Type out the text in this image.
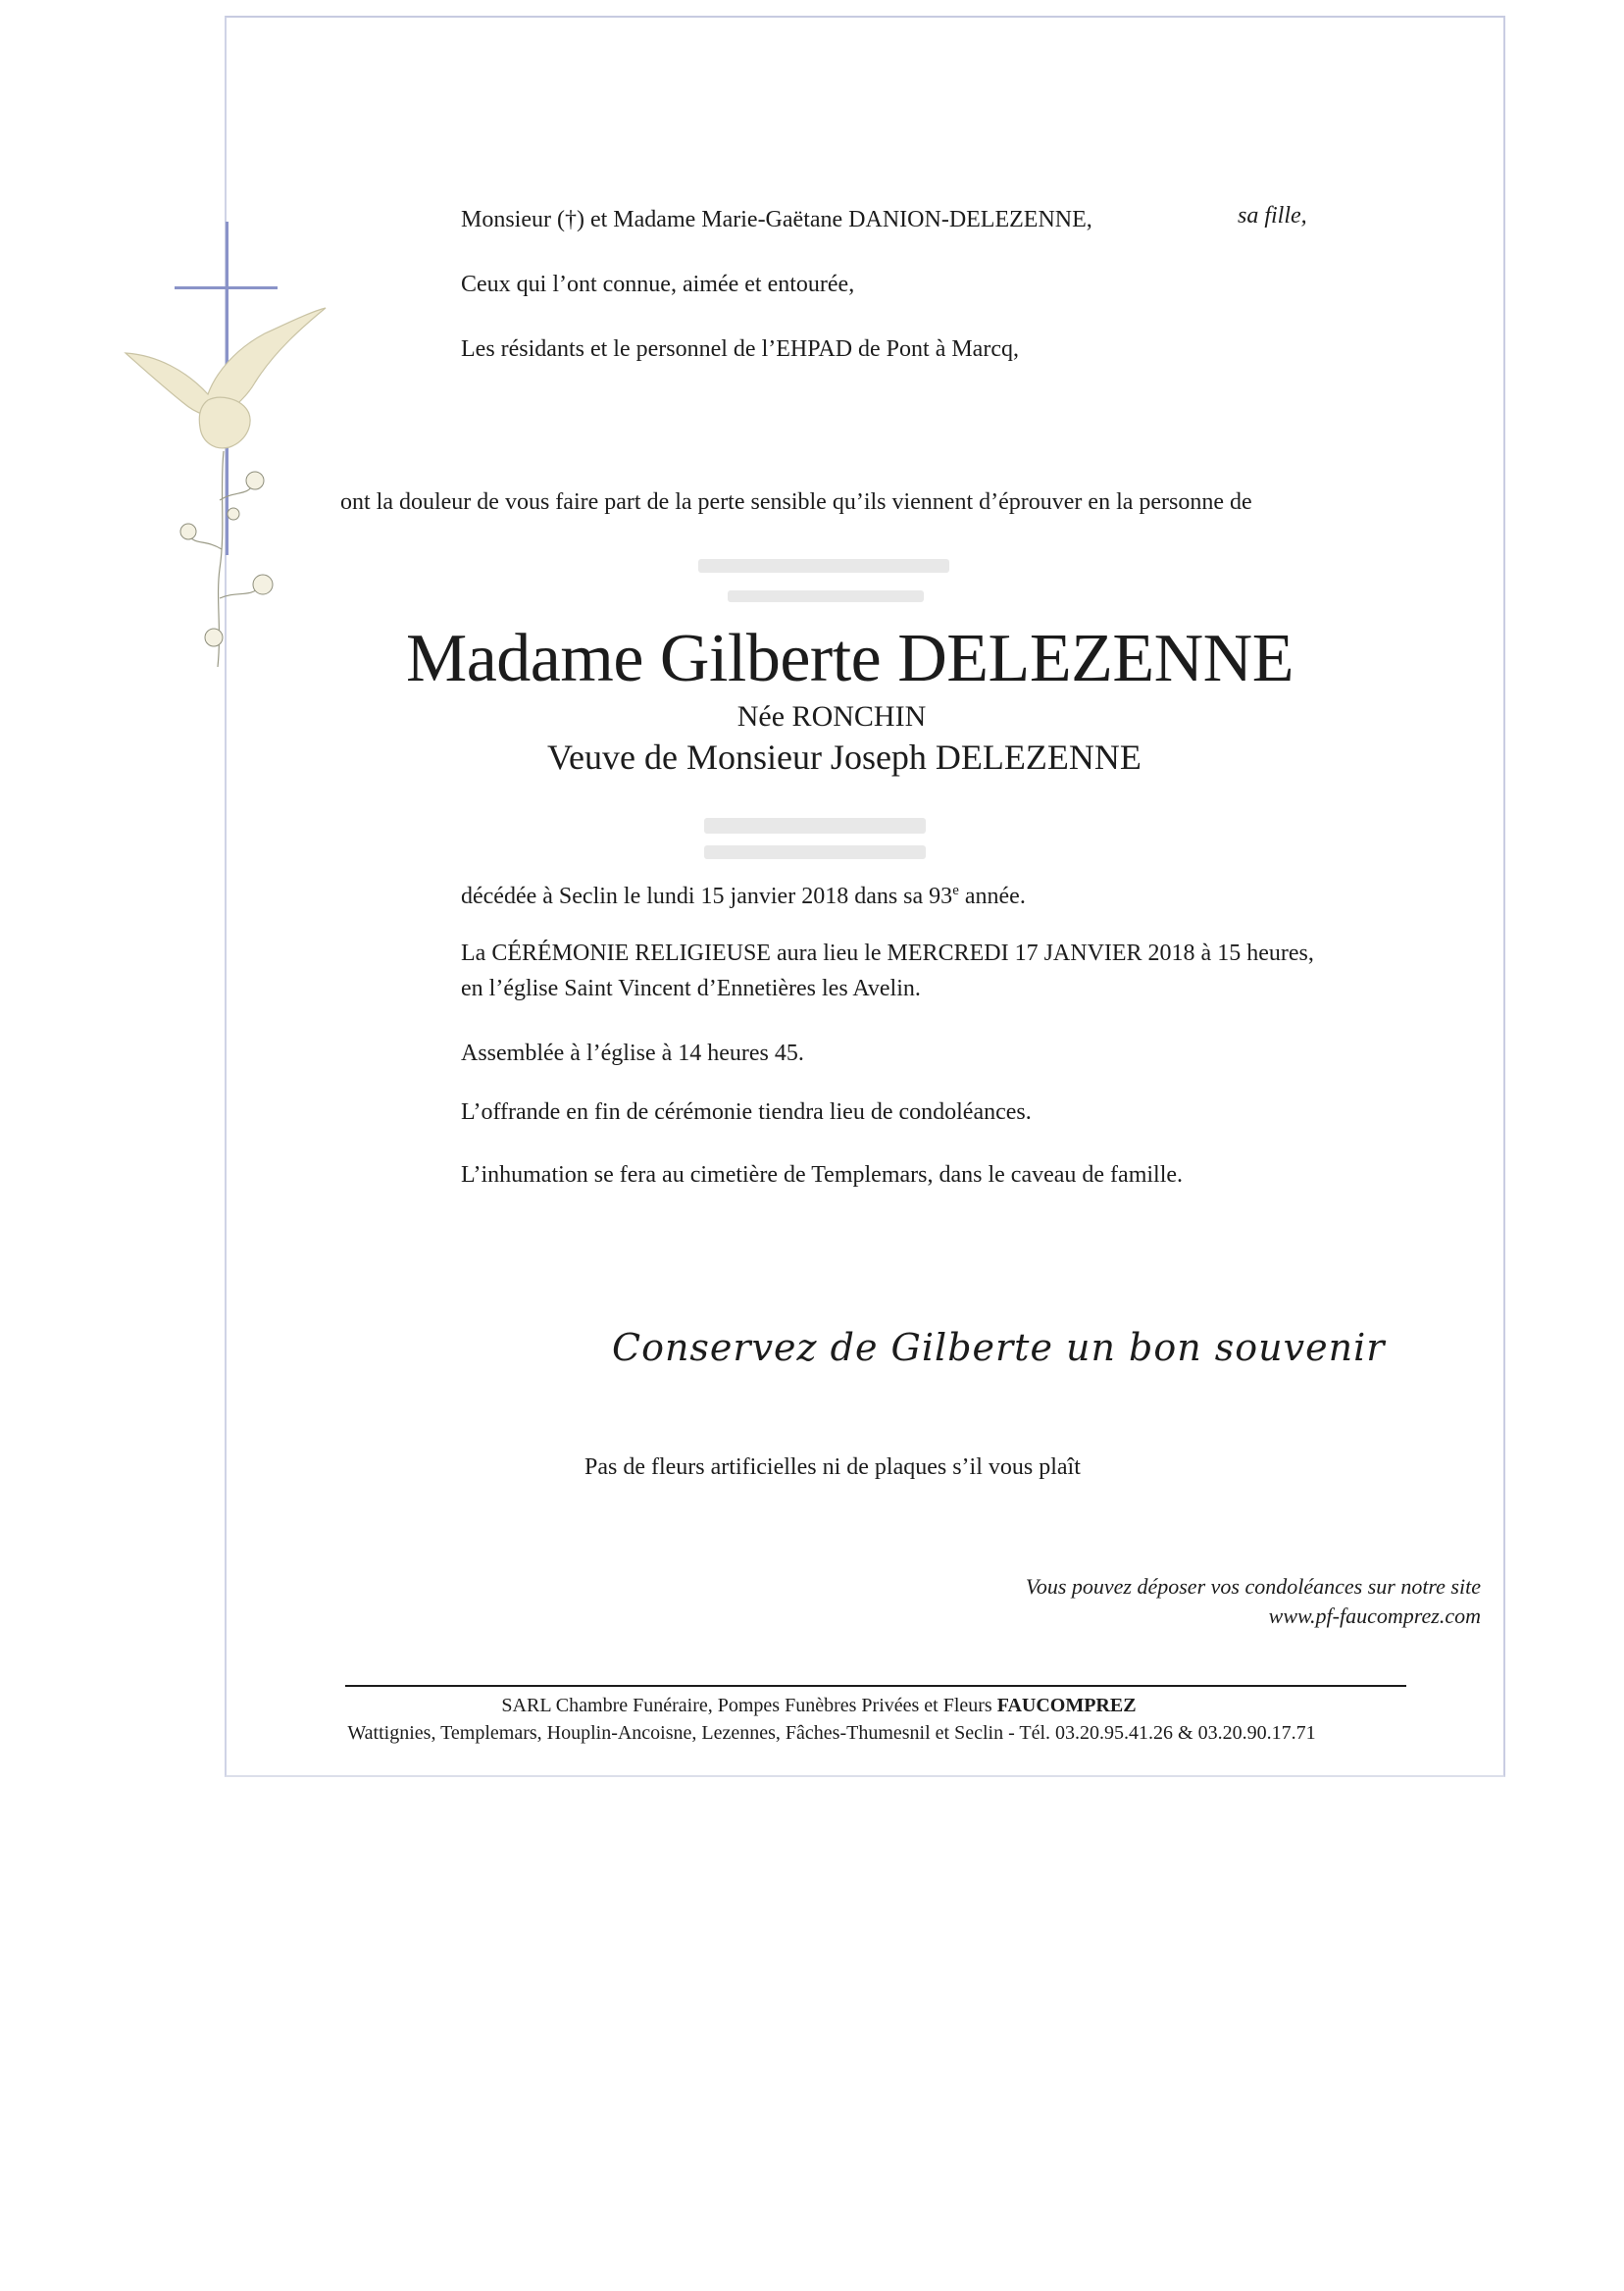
Monsieur (†) et Madame Marie-Gaëtane DANION-DELEZENNE,	sa fille,
Ceux qui l’ont connue, aimée et entourée,
Les résidants et le personnel de l’EHPAD de Pont à Marcq,
ont la douleur de vous faire part de la perte sensible qu’ils viennent d’éprouver en la personne de
Madame Gilberte DELEZENNE
Née RONCHIN
Veuve de Monsieur Joseph DELEZENNE
décédée à Seclin le lundi 15 janvier 2018 dans sa 93e année.
La CÉRÉMONIE RELIGIEUSE aura lieu le MERCREDI 17 JANVIER 2018 à 15 heures,
en l’église Saint Vincent d’Ennetières les Avelin.
Assemblée à l’église à 14 heures 45.
L’offrande en fin de cérémonie tiendra lieu de condoléances.
L’inhumation se fera au cimetière de Templemars, dans le caveau de famille.
Conservez de Gilberte un bon souvenir
Pas de fleurs artificielles ni de plaques s’il vous plaît
Vous pouvez déposer vos condoléances sur notre site
www.pf-faucomprez.com
SARL Chambre Funéraire, Pompes Funèbres Privées et Fleurs FAUCOMPREZ
Wattignies, Templemars, Houplin-Ancoisne, Lezennes, Fâches-Thumesnil et Seclin - Tél. 03.20.95.41.26 & 03.20.90.17.71
